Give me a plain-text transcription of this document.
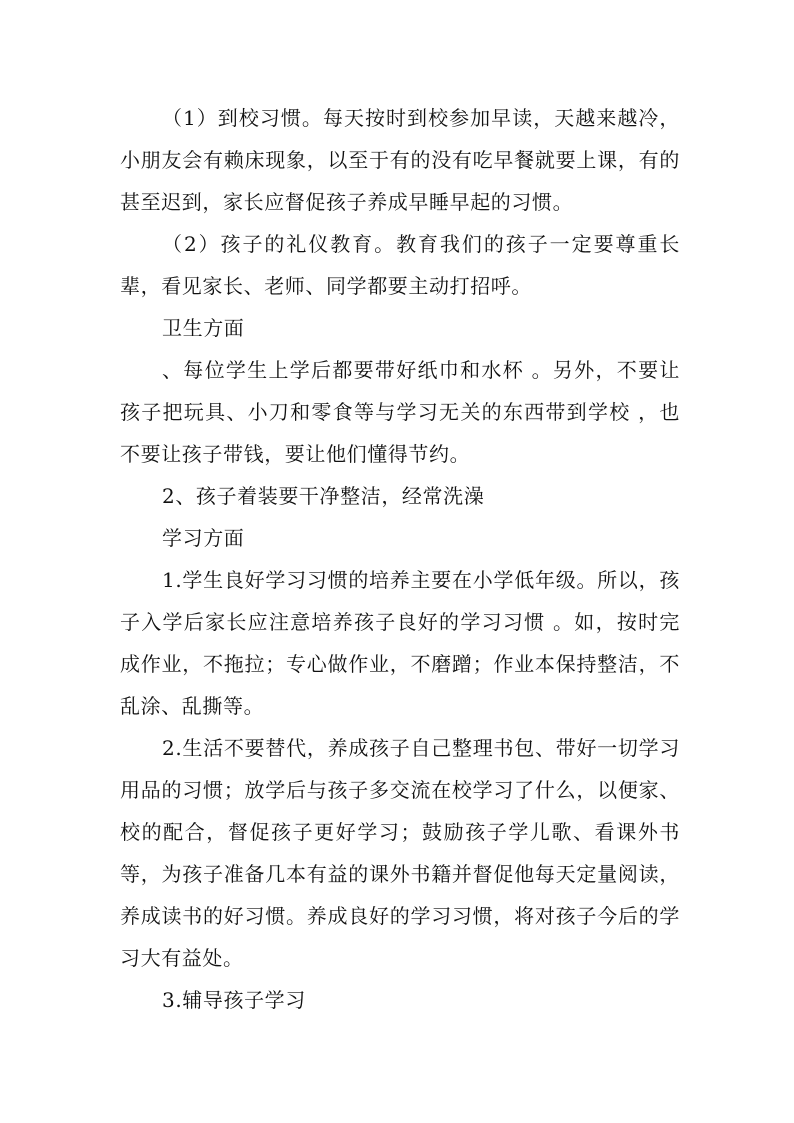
（1）到校习惯。每天按时到校参加早读，天越来越冷，小朋友会有赖床现象，以至于有的没有吃早餐就要上课，有的甚至迟到，家长应督促孩子养成早睡早起的习惯。

（2）孩子的礼仪教育。教育我们的孩子一定要尊重长辈，看见家长、老师、同学都要主动打招呼。

卫生方面

、每位学生上学后都要带好纸巾和水杯 。另外，不要让孩子把玩具、小刀和零食等与学习无关的东西带到学校 ，也不要让孩子带钱，要让他们懂得节约。

2、孩子着装要干净整洁，经常洗澡

学习方面

1.学生良好学习习惯的培养主要在小学低年级。所以，孩子入学后家长应注意培养孩子良好的学习习惯 。如，按时完成作业，不拖拉；专心做作业，不磨蹭；作业本保持整洁，不乱涂、乱撕等。

2.生活不要替代，养成孩子自己整理书包、带好一切学习用品的习惯；放学后与孩子多交流在校学习了什么，以便家、校的配合，督促孩子更好学习；鼓励孩子学儿歌、看课外书等，为孩子准备几本有益的课外书籍并督促他每天定量阅读，养成读书的好习惯。养成良好的学习习惯，将对孩子今后的学习大有益处。

3.辅导孩子学习
